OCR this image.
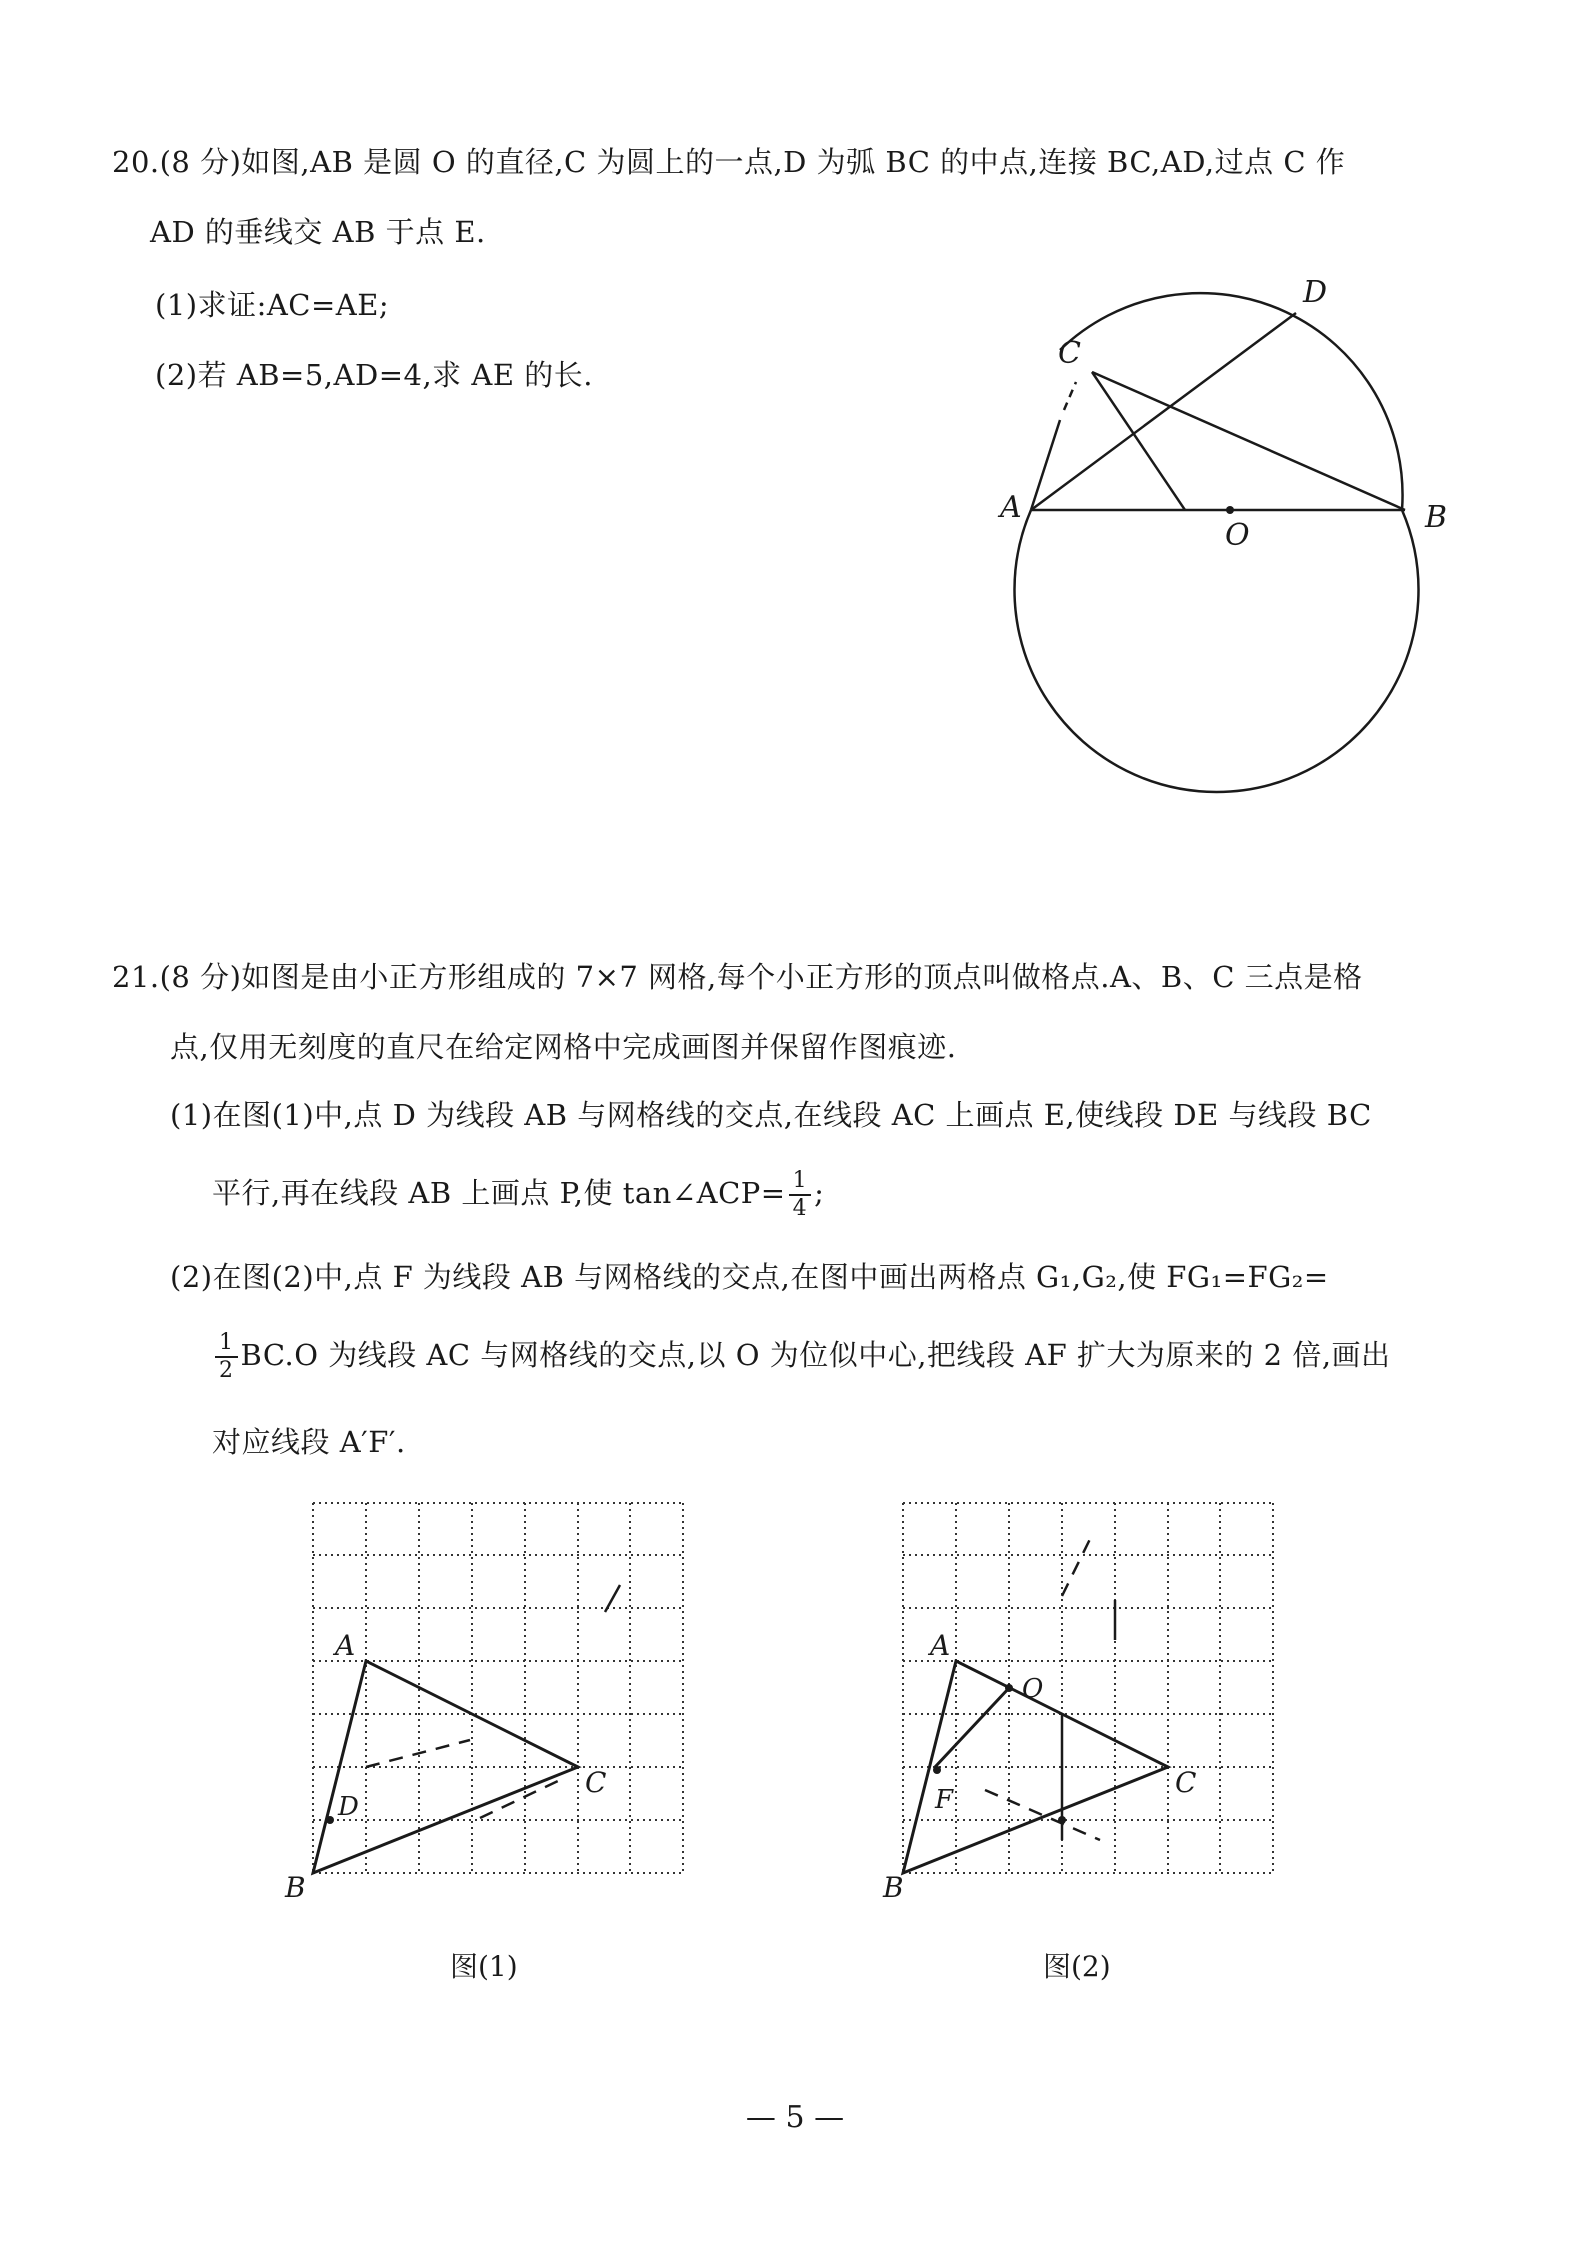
20.(8 分)如图,AB 是圆 O 的直径,C 为圆上的一点,D 为弧 BC 的中点,连接 BC,AD,过点 C 作
AD 的垂线交 AB 于点 E.
(1)求证:AC=AE;
(2)若 AB=5,AD=4,求 AE 的长.
A	B
C
D
O
21.(8 分)如图是由小正方形组成的 7×7 网格,每个小正方形的顶点叫做格点.A、B、C 三点是格
点,仅用无刻度的直尺在给定网格中完成画图并保留作图痕迹.
(1)在图(1)中,点 D 为线段 AB 与网格线的交点,在线段 AC 上画点 E,使线段 DE 与线段 BC
平行,再在线段 AB 上画点 P,使 tan∠ACP= $\frac{1}{4}$ ;
(2)在图(2)中,点 F 为线段 AB 与网格线的交点,在图中画出两格点 G₁,G₂,使 FG₁=FG₂=
$\frac{1}{2} BC.O$ 为线段 AC 与网格线的交点,以 O 为位似中心,把线段 AF 扩大为原来的 2 倍,画出
对应线段 A′F′.
A
B
C
D
A
B
C
F
O
图(1)	图(2)
— 5 —
